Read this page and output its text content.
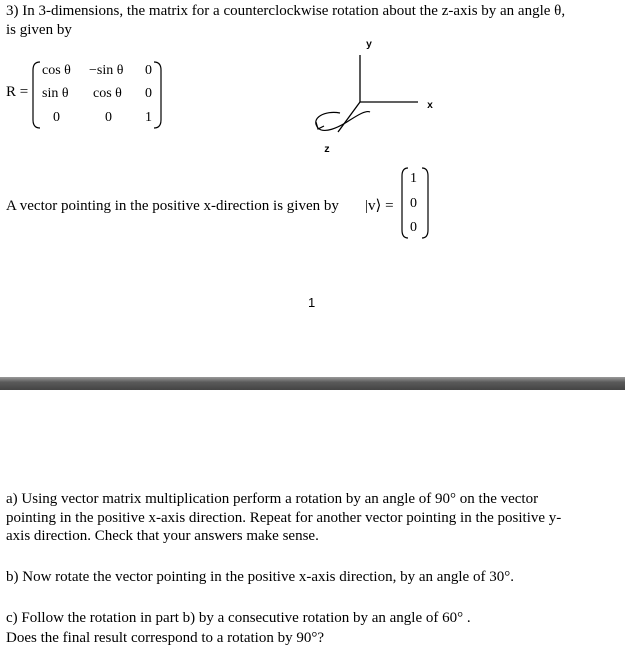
3) In 3-dimensions, the matrix for a counterclockwise rotation about the z-axis by an angle θ,
is given by
R =
cos θ −sin θ 0
sin θ cos θ 0
0	0 1
y
x
z
A vector pointing in the positive x-direction is given by |v⟩ =
1
0
0
1
a) Using vector matrix multiplication perform a rotation by an angle of 90° on the vector
pointing in the positive x-axis direction. Repeat for another vector pointing in the positive y-
axis direction. Check that your answers make sense.
b) Now rotate the vector pointing in the positive x-axis direction, by an angle of 30°.
c) Follow the rotation in part b) by a consecutive rotation by an angle of 60° .
Does the final result correspond to a rotation by 90°?
